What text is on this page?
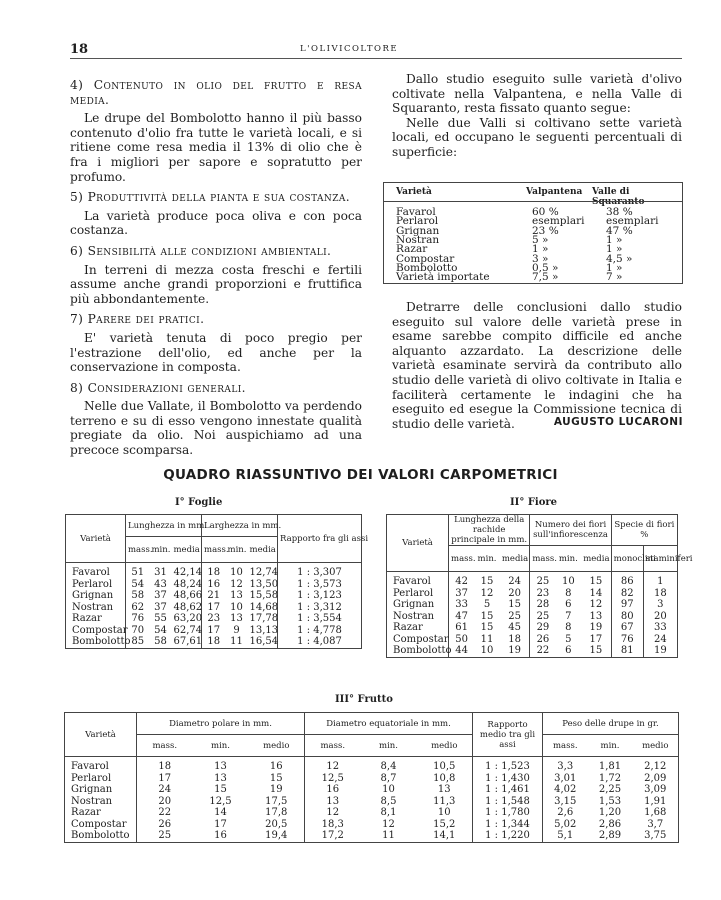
18	L'OLIVICOLTORE

4) Contenuto in olio del frutto e resa media.

Le drupe del Bombolotto hanno il più basso contenuto d'olio fra tutte le varietà locali, e si ritiene come resa media il 13% di olio che è fra i migliori per sapore e sopratutto per profumo.

5) Produttività della pianta e sua costanza.

La varietà produce poca oliva e con poca costanza.

6) Sensibilità alle condizioni ambientali.

In terreni di mezza costa freschi e fertili assume anche grandi proporzioni e fruttifica più abbondantemente.

7) Parere dei pratici.

E' varietà tenuta di poco pregio per l'estrazione dell'olio, ed anche per la conservazione in composta.

8) Considerazioni generali.

Nelle due Vallate, il Bombolotto va perdendo terreno e su di esso vengono innestate qualità pregiate da olio. Noi auspichiamo ad una precoce scomparsa.

Dallo studio eseguito sulle varietà d'olivo coltivate nella Valpantena, e nella Valle di Squaranto, resta fissato quanto segue:

Nelle due Valli si coltivano sette varietà locali, ed occupano le seguenti percentuali di superficie:

Varietà	Valpantena Valle di Squaranto
Favarol	60 %	38 %
Perlarol	esemplari esemplari
Grignan	23 %	47 %
Nostran	5 »	1 »
Razar	1 »	1 »
Compostar	3 »	4,5 »
Bombolotto	0,5 »	1 »
Varietà importate	7,5 »	7 »

Detrarre delle conclusioni dallo studio eseguito sul valore delle varietà prese in esame sarebbe compito difficile ed anche alquanto azzardato. La descrizione delle varietà esaminate servirà da contributo allo studio delle varietà di olivo coltivate in Italia e faciliterà certamente le indagini che ha eseguito ed esegue la Commissione tecnica di studio delle varietà.	AUGUSTO LUCARONI
QUADRO RIASSUNTIVO DEI VALORI CARPOMETRICI
I° Foglie
Varietà	Lunghezza in mm.			Larghezza in mm.			Rapporto fra gli assi
	mass.	min.	media	mass.	min.	media	
Favarol	51	31	42,14	18	10	12,74	1 : 3,307
Perlarol	54	43	48,24	16	12	13,50	1 : 3,573
Grignan	58	37	48,66	21	13	15,58	1 : 3,123
Nostran	62	37	48,62	17	10	14,68	1 : 3,312
Razar	76	55	63,20	23	13	17,78	1 : 3,554
Compostar	70	54	62,74	17	9	13,13	1 : 4,778
Bombolotto	85	58	67,61	18	11	16,54	1 : 4,087
II° Fiore
Varietà	Lunghezza della rachide principale in mm.			Numero dei fiori sull'infiorescenza			Specie di fiori %	
	mass.	min.	media	mass.	min.	media	monoclini	staminiferi
Favarol	42	15	24	25	10	15	86	1
Perlarol	37	12	20	23	8	14	82	18
Grignan	33	5	15	28	6	12	97	3
Nostran	47	15	25	25	7	13	80	20
Razar	61	15	45	29	8	19	67	33
Compostar	50	11	18	26	5	17	76	24
Bombolotto	44	10	19	22	6	15	81	19
III° Frutto
Varietà	Diametro polare in mm.			Diametro equatoriale in mm.			Rapporto medio tra gli assi	Peso delle drupe in gr.		
	mass.	min.	medio	mass.	min.	medio		mass.	min.	medio
Favarol	18	13	16	12	8,4	10,5	1 : 1,523	3,3	1,81	2,12
Perlarol	17	13	15	12,5	8,7	10,8	1 : 1,430	3,01	1,72	2,09
Grignan	24	15	19	16	10	13	1 : 1,461	4,02	2,25	3,09
Nostran	20	12,5	17,5	13	8,5	11,3	1 : 1,548	3,15	1,53	1,91
Razar	22	14	17,8	12	8,1	10	1 : 1,780	2,6	1,20	1,68
Compostar	26	17	20,5	18,3	12	15,2	1 : 1,344	5,02	2,86	3,7
Bombolotto	25	16	19,4	17,2	11	14,1	1 : 1,220	5,1	2,89	3,75
